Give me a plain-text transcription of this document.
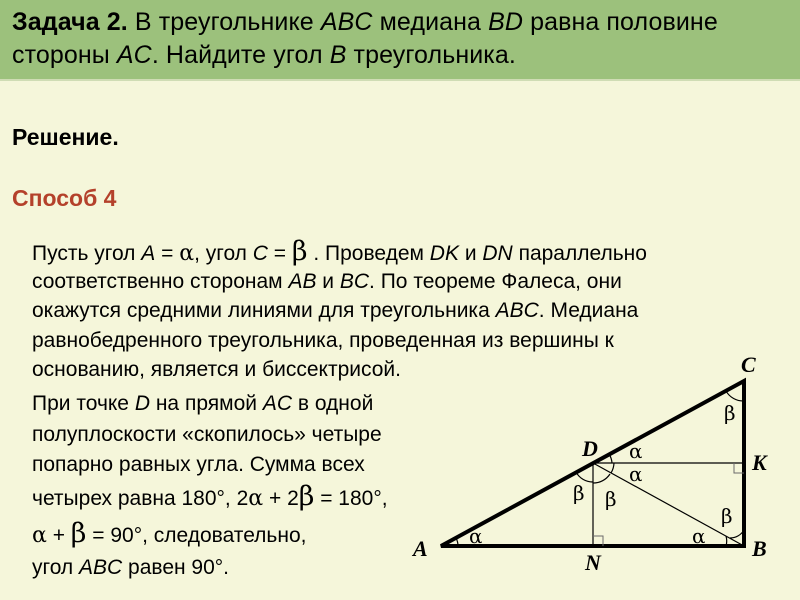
Задача 2. В треугольнике ABC медиана BD равна половине
стороны AC. Найдите угол B треугольника.
Решение.
Способ 4
Пусть угол A = α, угол C = β . Проведем DK и DN параллельно
соответственно сторонам AB и BC. По теореме Фалеса, они
окажутся средними линиями для треугольника ABC. Медиана
равнобедренного треугольника, проведенная из вершины к
основанию, является и биссектрисой.
При точке D на прямой AC в одной
полуплоскости «скопилось» четыре
попарно равных угла. Сумма всех
четырех равна 180°, 2α + 2β = 180°,
α + β = 90°, следовательно,
угол ABC равен 90°.
A	B
C
D
K
N
α
β
α
α
β β
β
α
